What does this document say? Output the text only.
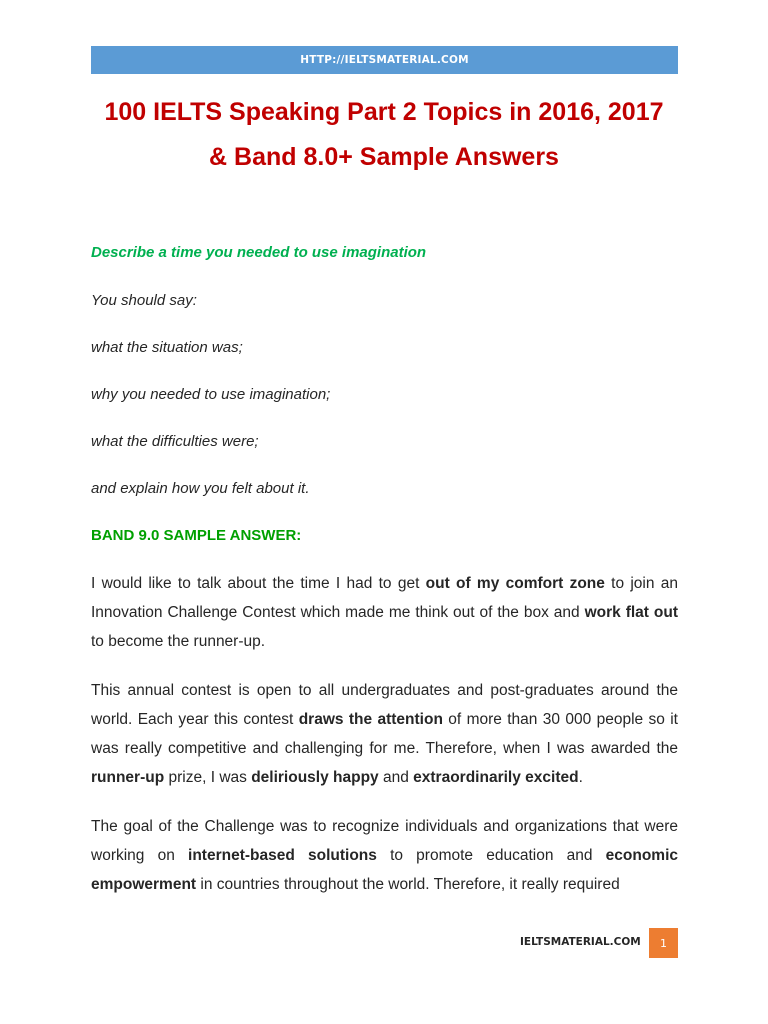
HTTP://IELTSMATERIAL.COM
100 IELTS Speaking Part 2 Topics in 2016, 2017
& Band 8.0+ Sample Answers

Describe a time you needed to use imagination

You should say:

what the situation was;

why you needed to use imagination;

what the difficulties were;

and explain how you felt about it.

BAND 9.0 SAMPLE ANSWER:

I would like to talk about the time I had to get out of my comfort zone to join an Innovation Challenge Contest which made me think out of the box and work flat out to become the runner-up.

This annual contest is open to all undergraduates and post-graduates around the world. Each year this contest draws the attention of more than 30 000 people so it was really competitive and challenging for me. Therefore, when I was awarded the runner-up prize, I was deliriously happy and extraordinarily excited.

The goal of the Challenge was to recognize individuals and organizations that were working on internet-based solutions to promote education and economic empowerment in countries throughout the world. Therefore, it really required

IELTSMATERIAL.COM 1
